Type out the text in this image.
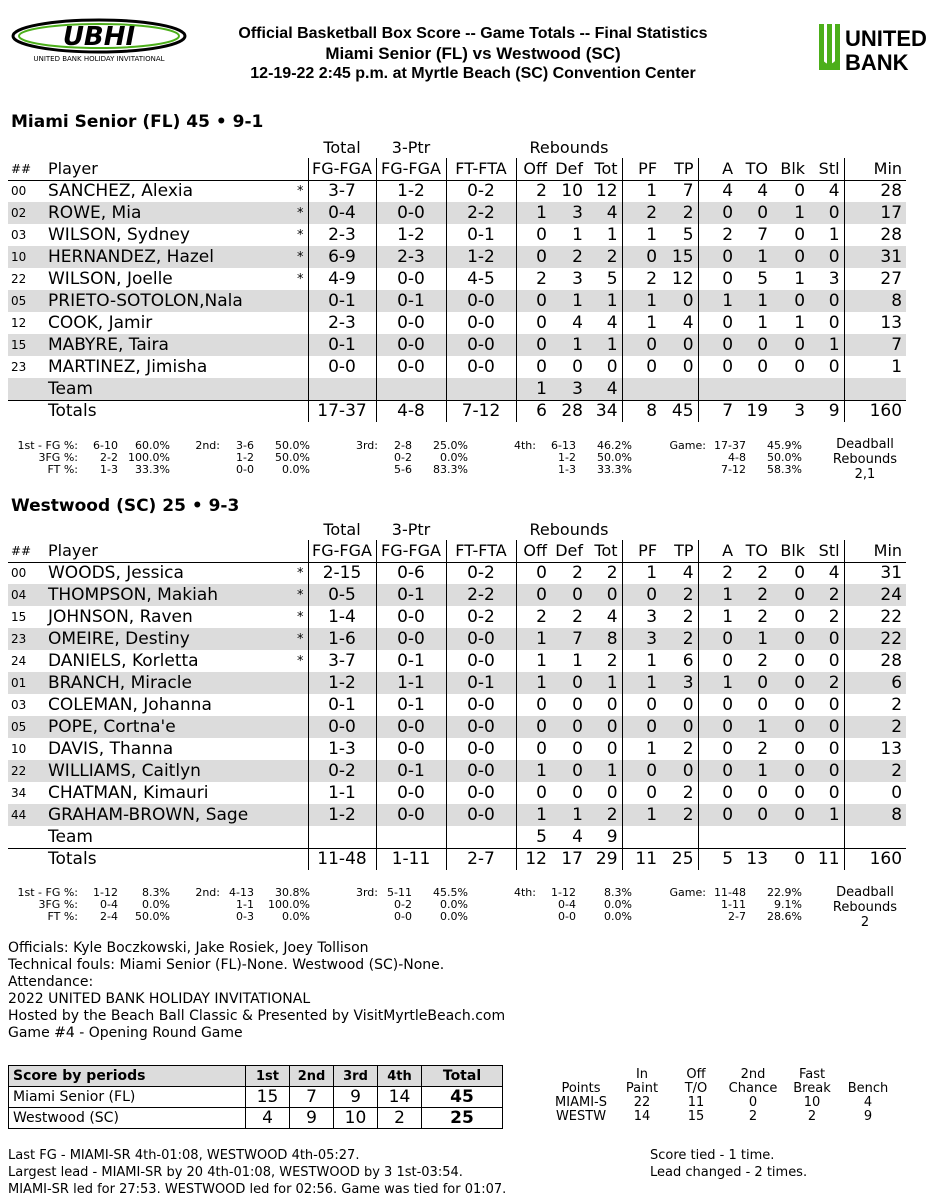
UBHI
UNITED BANK HOLIDAY INVITATIONAL
Official Basketball Box Score -- Game Totals -- Final Statistics
Miami Senior (FL) vs Westwood (SC)
12-19-22 2:45 p.m. at Myrtle Beach (SC) Convention Center
UNITED
BANK
Miami Senior (FL) 45 • 9-1
			Total	3-Ptr		Rebounds									
##	Player		FG-FGA	FG-FGA	FT-FTA	Off	Def	Tot	PF	TP	A	TO	Blk	Stl	Min
00	SANCHEZ, Alexia	*	3-7	1-2	0-2	2	10	12	1	7	4	4	0	4	28
02	ROWE, Mia	*	0-4	0-0	2-2	1	3	4	2	2	0	0	1	0	17
03	WILSON, Sydney	*	2-3	1-2	0-1	0	1	1	1	5	2	7	0	1	28
10	HERNANDEZ, Hazel	*	6-9	2-3	1-2	0	2	2	0	15	0	1	0	0	31
22	WILSON, Joelle	*	4-9	0-0	4-5	2	3	5	2	12	0	5	1	3	27
05	PRIETO-SOTOLON,Nala		0-1	0-1	0-0	0	1	1	1	0	1	1	0	0	8
12	COOK, Jamir		2-3	0-0	0-0	0	4	4	1	4	0	1	1	0	13
15	MABYRE, Taira		0-1	0-0	0-0	0	1	1	0	0	0	0	0	1	7
23	MARTINEZ, Jimisha		0-0	0-0	0-0	0	0	0	0	0	0	0	0	0	1
	Team					1	3	4							
	Totals		17-37	4-8	7-12	6	28	34	8	45	7	19	3	9	160
1st - FG %:	6-10	60.0%	2nd:	3-6	50.0%	3rd:	2-8	25.0%	4th:	6-13	46.2%	Game:	17-37	45.9%
3FG %:	2-2	100.0%		1-2	50.0%		0-2	0.0%		1-2	50.0%		4-8	50.0%
FT %:	1-3	33.3%		0-0	0.0%		5-6	83.3%		1-3	33.3%		7-12	58.3%
Deadball
Rebounds
2,1
Westwood (SC) 25 • 9-3
			Total	3-Ptr		Rebounds									
##	Player		FG-FGA	FG-FGA	FT-FTA	Off	Def	Tot	PF	TP	A	TO	Blk	Stl	Min
00	WOODS, Jessica	*	2-15	0-6	0-2	0	2	2	1	4	2	2	0	4	31
04	THOMPSON, Makiah	*	0-5	0-1	2-2	0	0	0	0	2	1	2	0	2	24
15	JOHNSON, Raven	*	1-4	0-0	0-2	2	2	4	3	2	1	2	0	2	22
23	OMEIRE, Destiny	*	1-6	0-0	0-0	1	7	8	3	2	0	1	0	0	22
24	DANIELS, Korletta	*	3-7	0-1	0-0	1	1	2	1	6	0	2	0	0	28
01	BRANCH, Miracle		1-2	1-1	0-1	1	0	1	1	3	1	0	0	2	6
03	COLEMAN, Johanna		0-1	0-1	0-0	0	0	0	0	0	0	0	0	0	2
05	POPE, Cortna'e		0-0	0-0	0-0	0	0	0	0	0	0	1	0	0	2
10	DAVIS, Thanna		1-3	0-0	0-0	0	0	0	1	2	0	2	0	0	13
22	WILLIAMS, Caitlyn		0-2	0-1	0-0	1	0	1	0	0	0	1	0	0	2
34	CHATMAN, Kimauri		1-1	0-0	0-0	0	0	0	0	2	0	0	0	0	0
44	GRAHAM-BROWN, Sage		1-2	0-0	0-0	1	1	2	1	2	0	0	0	1	8
	Team					5	4	9							
	Totals		11-48	1-11	2-7	12	17	29	11	25	5	13	0	11	160
1st - FG %:	1-12	8.3%	2nd:	4-13	30.8%	3rd:	5-11	45.5%	4th:	1-12	8.3%	Game:	11-48	22.9%
3FG %:	0-4	0.0%		1-1	100.0%		0-2	0.0%		0-4	0.0%		1-11	9.1%
FT %:	2-4	50.0%		0-3	0.0%		0-0	0.0%		0-0	0.0%		2-7	28.6%
Deadball
Rebounds
2
Officials: Kyle Boczkowski, Jake Rosiek, Joey Tollison
Technical fouls: Miami Senior (FL)-None. Westwood (SC)-None.
Attendance:
2022 UNITED BANK HOLIDAY INVITATIONAL
Hosted by the Beach Ball Classic & Presented by VisitMyrtleBeach.com
Game #4 - Opening Round Game
Score by periods	1st	2nd	3rd	4th	Total
Miami Senior (FL)	15	7	9	14	45
Westwood (SC)	4	9	10	2	25
	In	Off	2nd	Fast	
Points	Paint	T/O	Chance	Break	Bench
MIAMI-S	22	11	0	10	4
WESTW	14	15	2	2	9
Last FG - MIAMI-SR 4th-01:08, WESTWOOD 4th-05:27.
Largest lead - MIAMI-SR by 20 4th-01:08, WESTWOOD by 3 1st-03:54.
MIAMI-SR led for 27:53. WESTWOOD led for 02:56. Game was tied for 01:07.
Score tied - 1 time.
Lead changed - 2 times.
